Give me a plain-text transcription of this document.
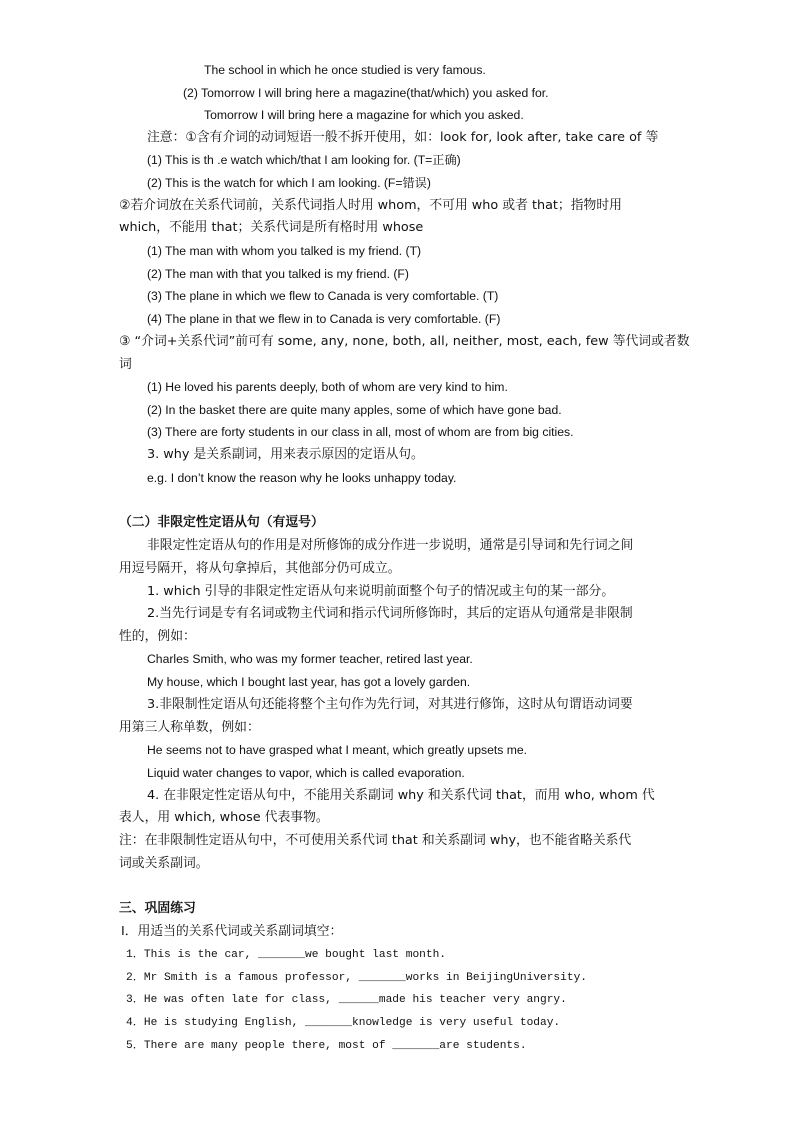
The school in which he once studied is very famous.
(2) Tomorrow I will bring here a magazine(that/which) you asked for.
Tomorrow I will bring here a magazine for which you asked.
注意：①含有介词的动词短语一般不拆开使用，如：look for, look after, take care of 等
(1) This is th .e watch which/that I am looking for. (T=正确)
(2) This is the watch for which I am looking. (F=错误)
②若介词放在关系代词前，关系代词指人时用 whom，不可用 who 或者 that；指物时用
which，不能用 that；关系代词是所有格时用 whose
(1) The man with whom you talked is my friend. (T)
(2) The man with that you talked is my friend. (F)
(3) The plane in which we flew to Canada is very comfortable. (T)
(4) The plane in that we flew in to Canada is very comfortable. (F)
③ “介词+关系代词”前可有 some, any, none, both, all, neither, most, each, few 等代词或者数
词
(1) He loved his parents deeply, both of whom are very kind to him.
(2) In the basket there are quite many apples, some of which have gone bad.
(3) There are forty students in our class in all, most of whom are from big cities.
3. why 是关系副词，用来表示原因的定语从句。
e.g. I don’t know the reason why he looks unhappy today.
（二）非限定性定语从句（有逗号）
非限定性定语从句的作用是对所修饰的成分作进一步说明，通常是引导词和先行词之间
用逗号隔开，将从句拿掉后，其他部分仍可成立。
1. which 引导的非限定性定语从句来说明前面整个句子的情况或主句的某一部分。
2.当先行词是专有名词或物主代词和指示代词所修饰时，其后的定语从句通常是非限制
性的，例如：
Charles Smith, who was my former teacher, retired last year.
My house, which I bought last year, has got a lovely garden.
3.非限制性定语从句还能将整个主句作为先行词，对其进行修饰，这时从句谓语动词要
用第三人称单数，例如：
He seems not to have grasped what I meant, which greatly upsets me.
Liquid water changes to vapor, which is called evaporation.
4. 在非限定性定语从句中，不能用关系副词 why 和关系代词 that，而用 who, whom 代
表人，用 which, whose 代表事物。
注：在非限制性定语从句中，不可使用关系代词 that 和关系副词 why，也不能省略关系代
词或关系副词。
三、巩固练习
Ⅰ．用适当的关系代词或关系副词填空：
1．This is the car, _______we bought last month.
2．Mr Smith is a famous professor, _______works in BeijingUniversity.
3．He was often late for class, ______made his teacher very angry.
4．He is studying English, _______knowledge is very useful today.
5．There are many people there, most of _______are students.
